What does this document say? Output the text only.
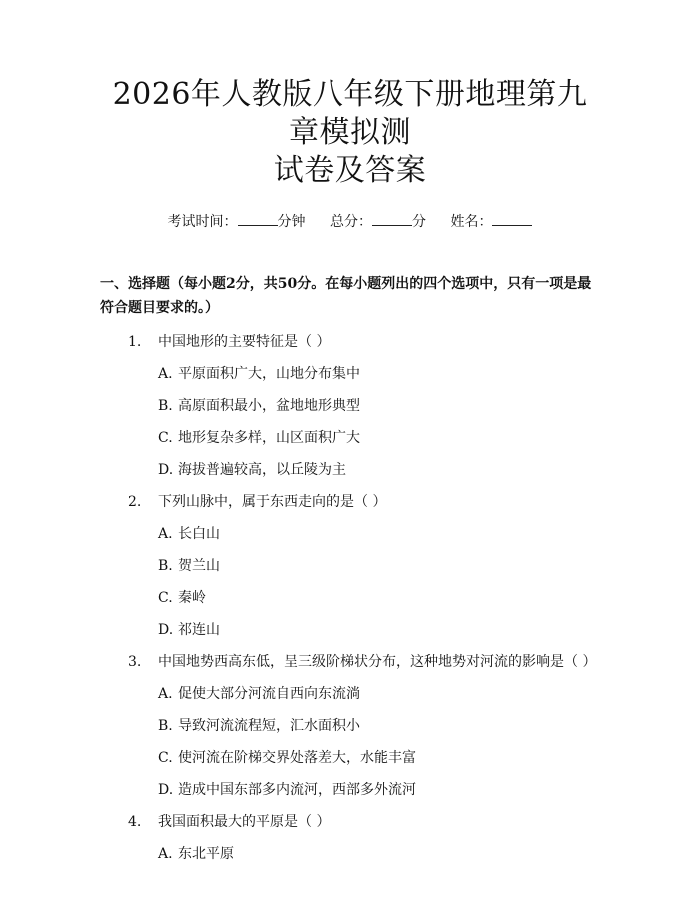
2026年人教版八年级下册地理第九章模拟测
试卷及答案
考试时间：	分钟 总分：	分 姓名：
一、选择题（每小题2分，共50分。在每小题列出的四个选项中，只有一项是最符合题目要求的。）
1. 中国地形的主要特征是（ ）
A. 平原面积广大，山地分布集中
B. 高原面积最小，盆地地形典型
C. 地形复杂多样，山区面积广大
D. 海拔普遍较高，以丘陵为主
2. 下列山脉中，属于东西走向的是（ ）
A. 长白山
B. 贺兰山
C. 秦岭
D. 祁连山
3. 中国地势西高东低，呈三级阶梯状分布，这种地势对河流的影响是（ ）
A. 促使大部分河流自西向东流淌
B. 导致河流流程短，汇水面积小
C. 使河流在阶梯交界处落差大，水能丰富
D. 造成中国东部多内流河，西部多外流河
4. 我国面积最大的平原是（ ）
A. 东北平原
